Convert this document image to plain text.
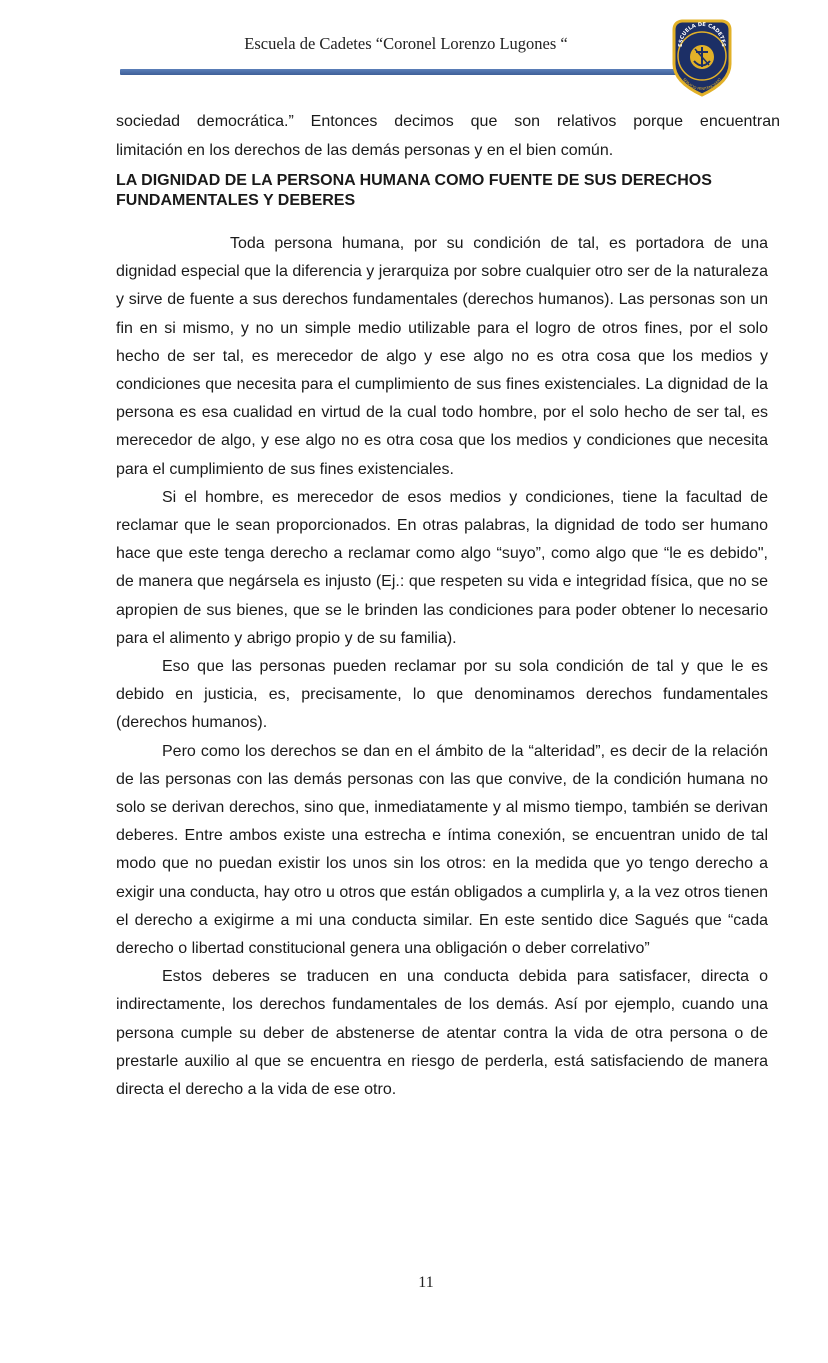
Escuela de Cadetes “Coronel Lorenzo Lugones “	ESCUELA DE CADETES
SERVICIO PENITENCIARIO

sociedad democrática.” Entonces decimos que son relativos porque encuentran

limitación en los derechos de las demás personas y en el bien común.

LA DIGNIDAD DE LA PERSONA HUMANA COMO FUENTE DE SUS DERECHOS FUNDAMENTALES Y DEBERES

Toda persona humana, por su condición de tal, es portadora de una dignidad especial que la diferencia y jerarquiza por sobre cualquier otro ser de la naturaleza y sirve de fuente a sus derechos fundamentales (derechos humanos). Las personas son un fin en si mismo, y no un simple medio utilizable para el logro de otros fines, por el solo hecho de ser tal, es merecedor de algo y ese algo no es otra cosa que los medios y condiciones que necesita para el cumplimiento de sus fines existenciales. La dignidad de la persona es esa cualidad en virtud de la cual todo hombre, por el solo hecho de ser tal, es merecedor de algo, y ese algo no es otra cosa que los medios y condiciones que necesita para el cumplimiento de sus fines existenciales.

Si el hombre, es merecedor de esos medios y condiciones, tiene la facultad de reclamar que le sean proporcionados. En otras palabras, la dignidad de todo ser humano hace que este tenga derecho a reclamar como algo “suyo”, como algo que “le es debido", de manera que negársela es injusto (Ej.: que respeten su vida e integridad física, que no se apropien de sus bienes, que se le brinden las condiciones para poder obtener lo necesario para el alimento y abrigo propio y de su familia).

Eso que las personas pueden reclamar por su sola condición de tal y que le es debido en justicia, es, precisamente, lo que denominamos derechos fundamentales (derechos humanos).

Pero como los derechos se dan en el ámbito de la “alteridad”, es decir de la relación de las personas con las demás personas con las que convive, de la condición humana no solo se derivan derechos, sino que, inmediatamente y al mismo tiempo, también se derivan deberes. Entre ambos existe una estrecha e íntima conexión, se encuentran unido de tal modo que no puedan existir los unos sin los otros: en la medida que yo tengo derecho a exigir una conducta, hay otro u otros que están obligados a cumplirla y, a la vez otros tienen el derecho a exigirme a mi una conducta similar. En este sentido dice Sagués que “cada derecho o libertad constitucional genera una obligación o deber correlativo”

Estos deberes se traducen en una conducta debida para satisfacer, directa o indirectamente, los derechos fundamentales de los demás. Así por ejemplo, cuando una persona cumple su deber de abstenerse de atentar contra la vida de otra persona o de prestarle auxilio al que se encuentra en riesgo de perderla, está satisfaciendo de manera directa el derecho a la vida de ese otro.

11
